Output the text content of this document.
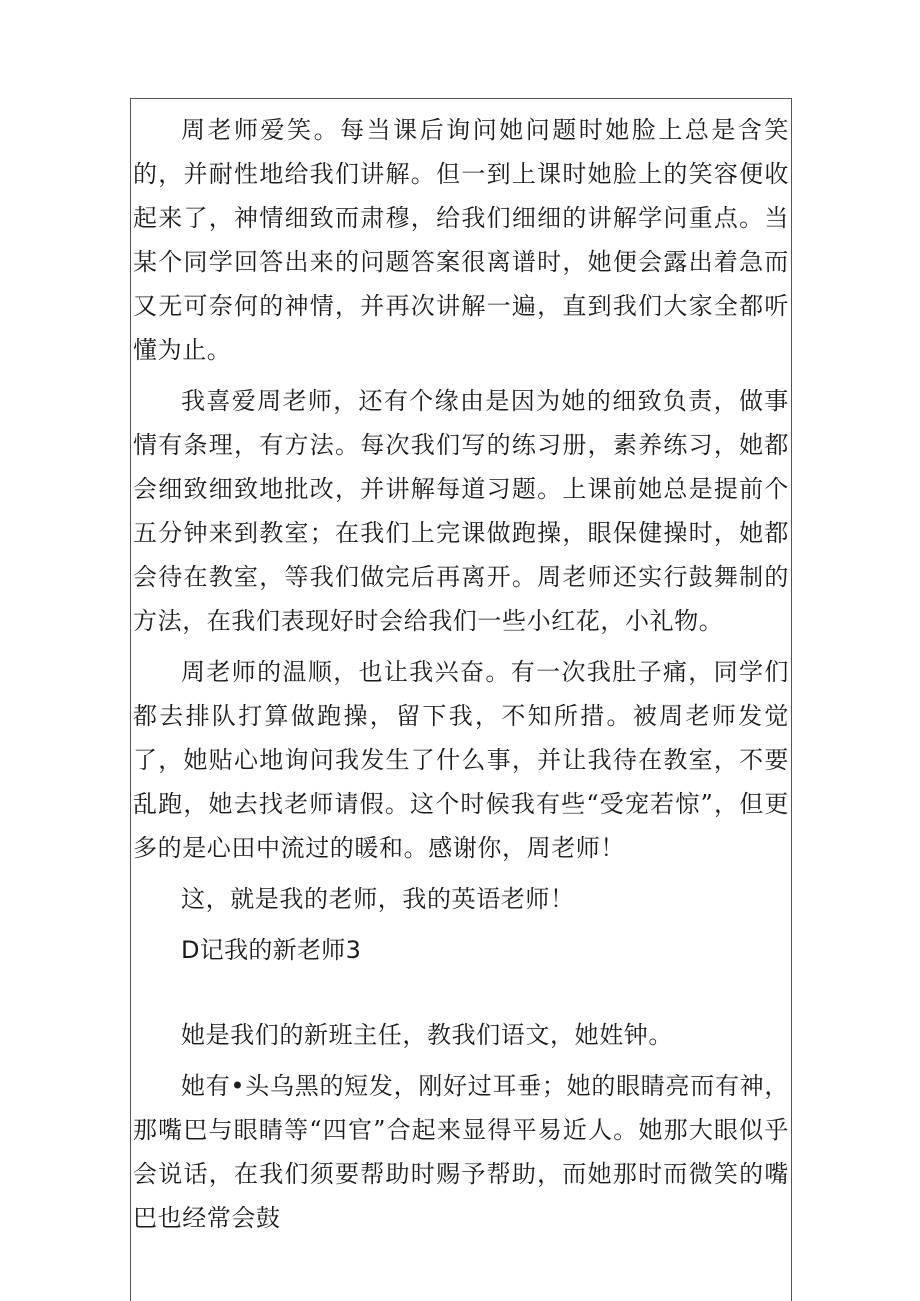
周老师爱笑。每当课后询问她问题时她脸上总是含笑的，并耐性地给我们讲解。但一到上课时她脸上的笑容便收起来了，神情细致而肃穆，给我们细细的讲解学问重点。当某个同学回答出来的问题答案很离谱时，她便会露出着急而又无可奈何的神情，并再次讲解一遍，直到我们大家全都听懂为止。

我喜爱周老师，还有个缘由是因为她的细致负责，做事情有条理，有方法。每次我们写的练习册，素养练习，她都会细致细致地批改，并讲解每道习题。上课前她总是提前个五分钟来到教室；在我们上完课做跑操，眼保健操时，她都会待在教室，等我们做完后再离开。周老师还实行鼓舞制的方法，在我们表现好时会给我们一些小红花，小礼物。

周老师的温顺，也让我兴奋。有一次我肚子痛，同学们都去排队打算做跑操，留下我，不知所措。被周老师发觉了，她贴心地询问我发生了什么事，并让我待在教室，不要乱跑，她去找老师请假。这个时候我有些“受宠若惊”，但更多的是心田中流过的暖和。感谢你，周老师！

这，就是我的老师，我的英语老师！

D记我的新老师3

她是我们的新班主任，教我们语文，她姓钟。

她有•头乌黑的短发，刚好过耳垂；她的眼睛亮而有神，那嘴巴与眼睛等“四官”合起来显得平易近人。她那大眼似乎会说话，在我们须要帮助时赐予帮助，而她那时而微笑的嘴巴也经常会鼓
